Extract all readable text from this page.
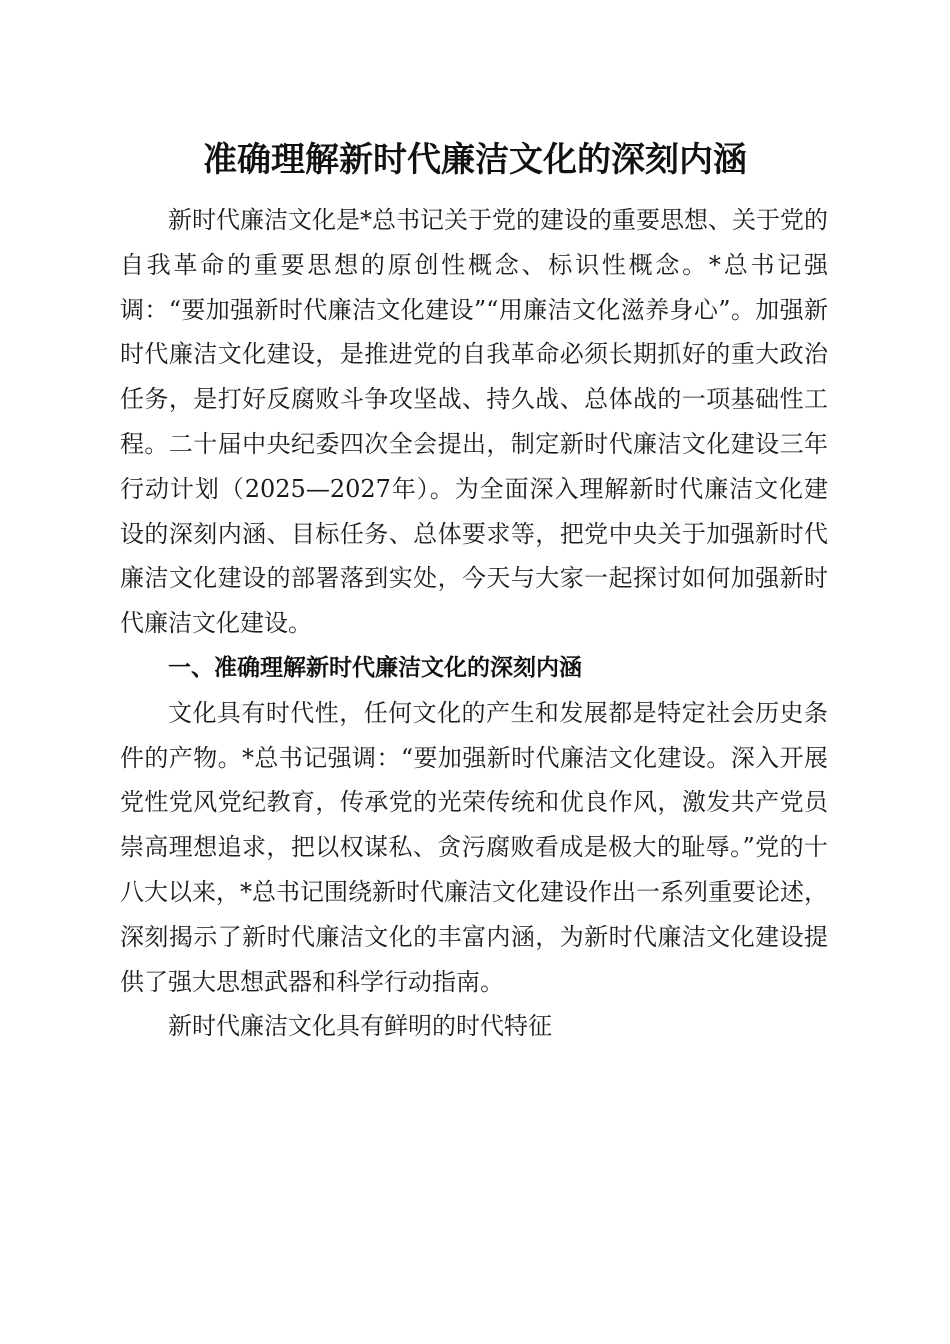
准确理解新时代廉洁文化的深刻内涵

新时代廉洁文化是*总书记关于党的建设的重要思想、关于党的自我革命的重要思想的原创性概念、标识性概念。*总书记强调：“要加强新时代廉洁文化建设”“用廉洁文化滋养身心”。加强新时代廉洁文化建设，是推进党的自我革命必须长期抓好的重大政治任务，是打好反腐败斗争攻坚战、持久战、总体战的一项基础性工程。二十届中央纪委四次全会提出，制定新时代廉洁文化建设三年行动计划（2025—2027年）。为全面深入理解新时代廉洁文化建设的深刻内涵、目标任务、总体要求等，把党中央关于加强新时代廉洁文化建设的部署落到实处，今天与大家一起探讨如何加强新时代廉洁文化建设。

一、准确理解新时代廉洁文化的深刻内涵

文化具有时代性，任何文化的产生和发展都是特定社会历史条件的产物。*总书记强调：“要加强新时代廉洁文化建设。深入开展党性党风党纪教育，传承党的光荣传统和优良作风，激发共产党员崇高理想追求，把以权谋私、贪污腐败看成是极大的耻辱。”党的十八大以来，*总书记围绕新时代廉洁文化建设作出一系列重要论述，深刻揭示了新时代廉洁文化的丰富内涵，为新时代廉洁文化建设提供了强大思想武器和科学行动指南。

新时代廉洁文化具有鲜明的时代特征
